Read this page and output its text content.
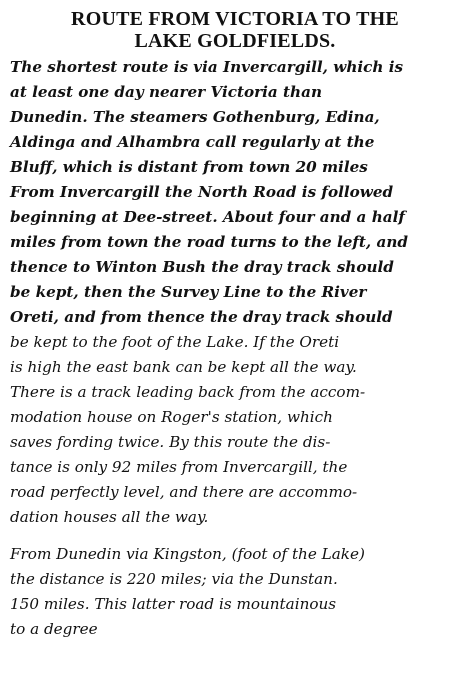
ROUTE FROM VICTORIA TO THE
LAKE GOLDFIELDS.

The shortest route is via Invercargill, which is
at least one day nearer Victoria than
Dunedin. The steamers Gothenburg, Edina,
Aldinga and Alhambra call regularly at the
Bluff, which is distant from town 20 miles
From Invercargill the North Road is followed
beginning at Dee-street. About four and a half
miles from town the road turns to the left, and
thence to Winton Bush the dray track should
be kept, then the Survey Line to the River
Oreti, and from thence the dray track should
be kept to the foot of the Lake. If the Oreti
is high the east bank can be kept all the way.
There is a track leading back from the accom-
modation house on Roger's station, which
saves fording twice. By this route the dis-
tance is only 92 miles from Invercargill, the
road perfectly level, and there are accommo-
dation houses all the way.

From Dunedin via Kingston, (foot of the Lake)
the distance is 220 miles; via the Dunstan.
150 miles. This latter road is mountainous
to a degree
